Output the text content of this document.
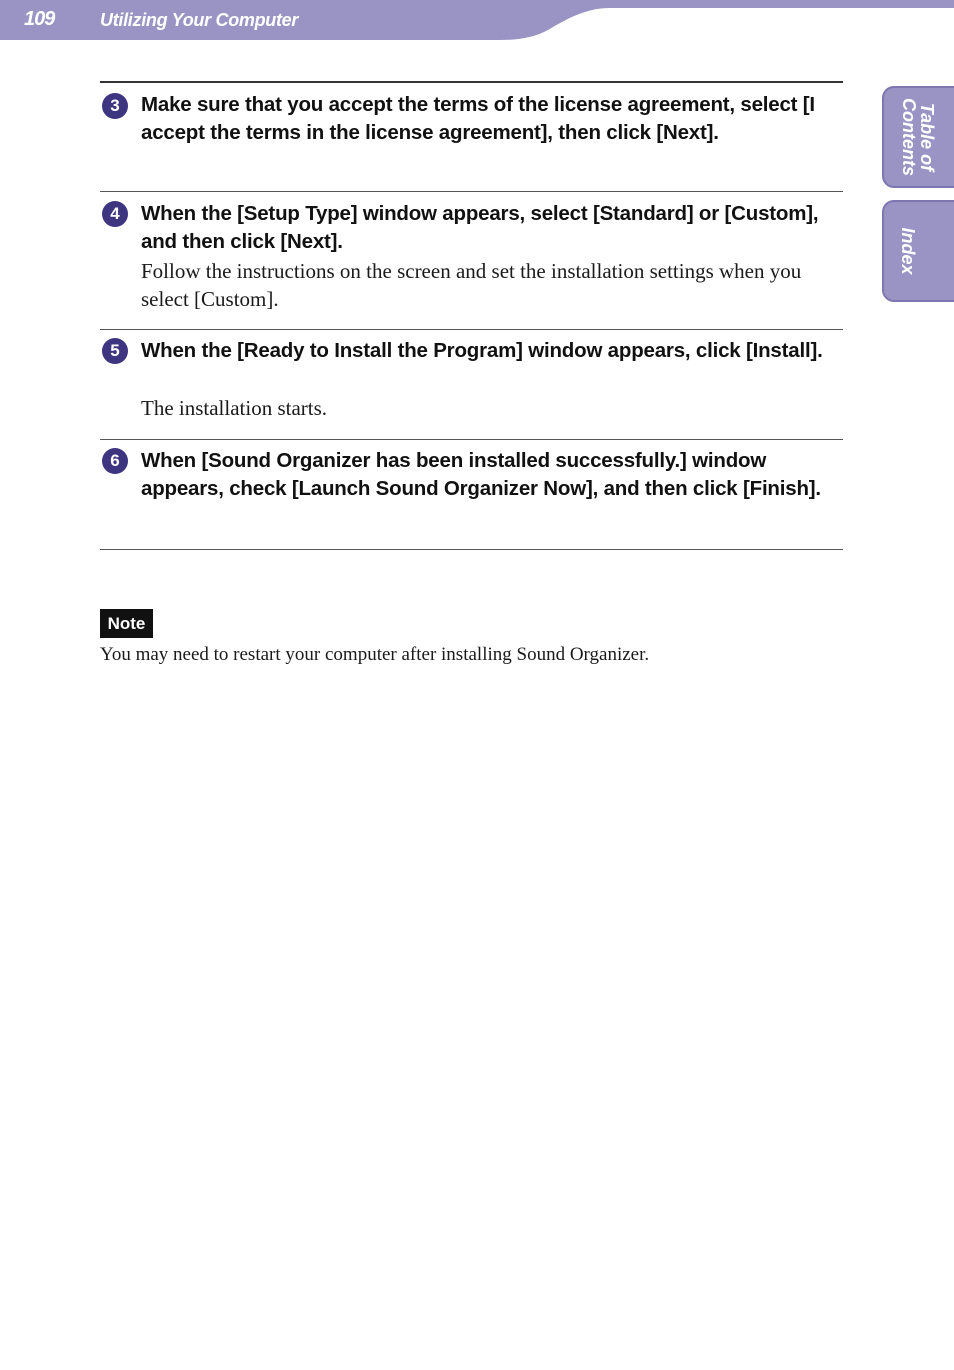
109	Utilizing Your Computer
Table of
Contents
Index
3	Make sure that you accept the terms of the license agreement, select [I accept the terms in the license agreement], then click [Next].
4	When the [Setup Type] window appears, select [Standard] or [Custom], and then click [Next].
Follow the instructions on the screen and set the installation settings when you select [Custom].
5	When the [Ready to Install the Program] window appears, click [Install].
The installation starts.
6	When [Sound Organizer has been installed successfully.] window appears, check [Launch Sound Organizer Now], and then click [Finish].
Note
You may need to restart your computer after installing Sound Organizer.
